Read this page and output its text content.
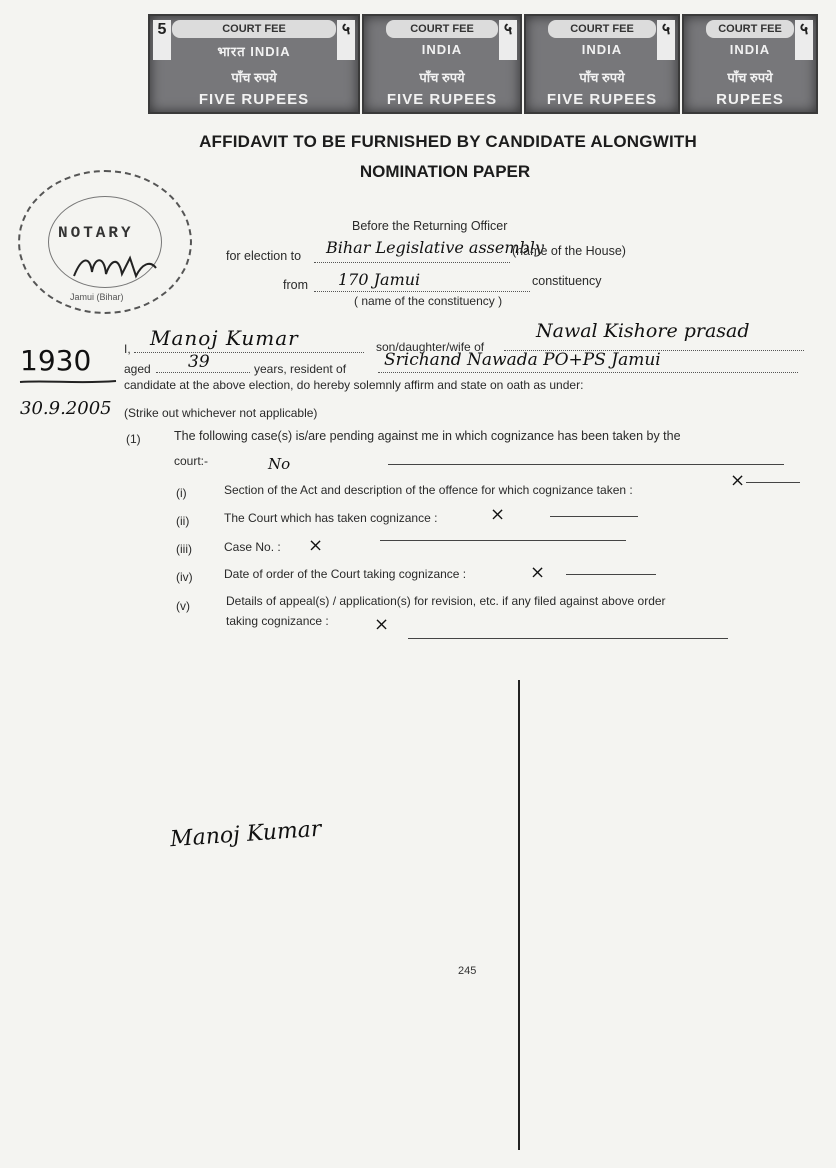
5	COURT FEE	५
भारत INDIA
पाँच रुपये
FIVE RUPEES
COURT FEE	५
INDIA
पाँच रुपये
FIVE RUPEES
COURT FEE	५
INDIA
पाँच रुपये
FIVE RUPEES
COURT FEE	५
INDIA
पाँच रुपये
RUPEES
AFFIDAVIT TO BE FURNISHED BY CANDIDATE ALONGWITH
NOMINATION PAPER
NOTARY
Jamui (Bihar)
Before the Returning Officer
for election to Bihar Legislative assembly
(name of the House)
from 170 Jamui	constituency
( name of the constituency )
I, Manoj Kumar	son/daughter/wife of
Nawal Kishore prasad
aged 39	years, resident of Srichand Nawada PO+PS Jamui
candidate at the above election, do hereby solemnly affirm and state on oath as under:
(Strike out whichever not applicable)
1930
30.9.2005
(1)	The following case(s) is/are pending against me in which cognizance has been taken by the
court:-	No
(i)	Section of the Act and description of the offence for which cognizance taken :	×
(ii)	The Court which has taken cognizance :	×
(iii)	Case No. : ×
(iv)	Date of order of the Court taking cognizance :	×
(v)	Details of appeal(s) / application(s) for revision, etc. if any filed against above order
taking cognizance :	×
Manoj Kumar
245
